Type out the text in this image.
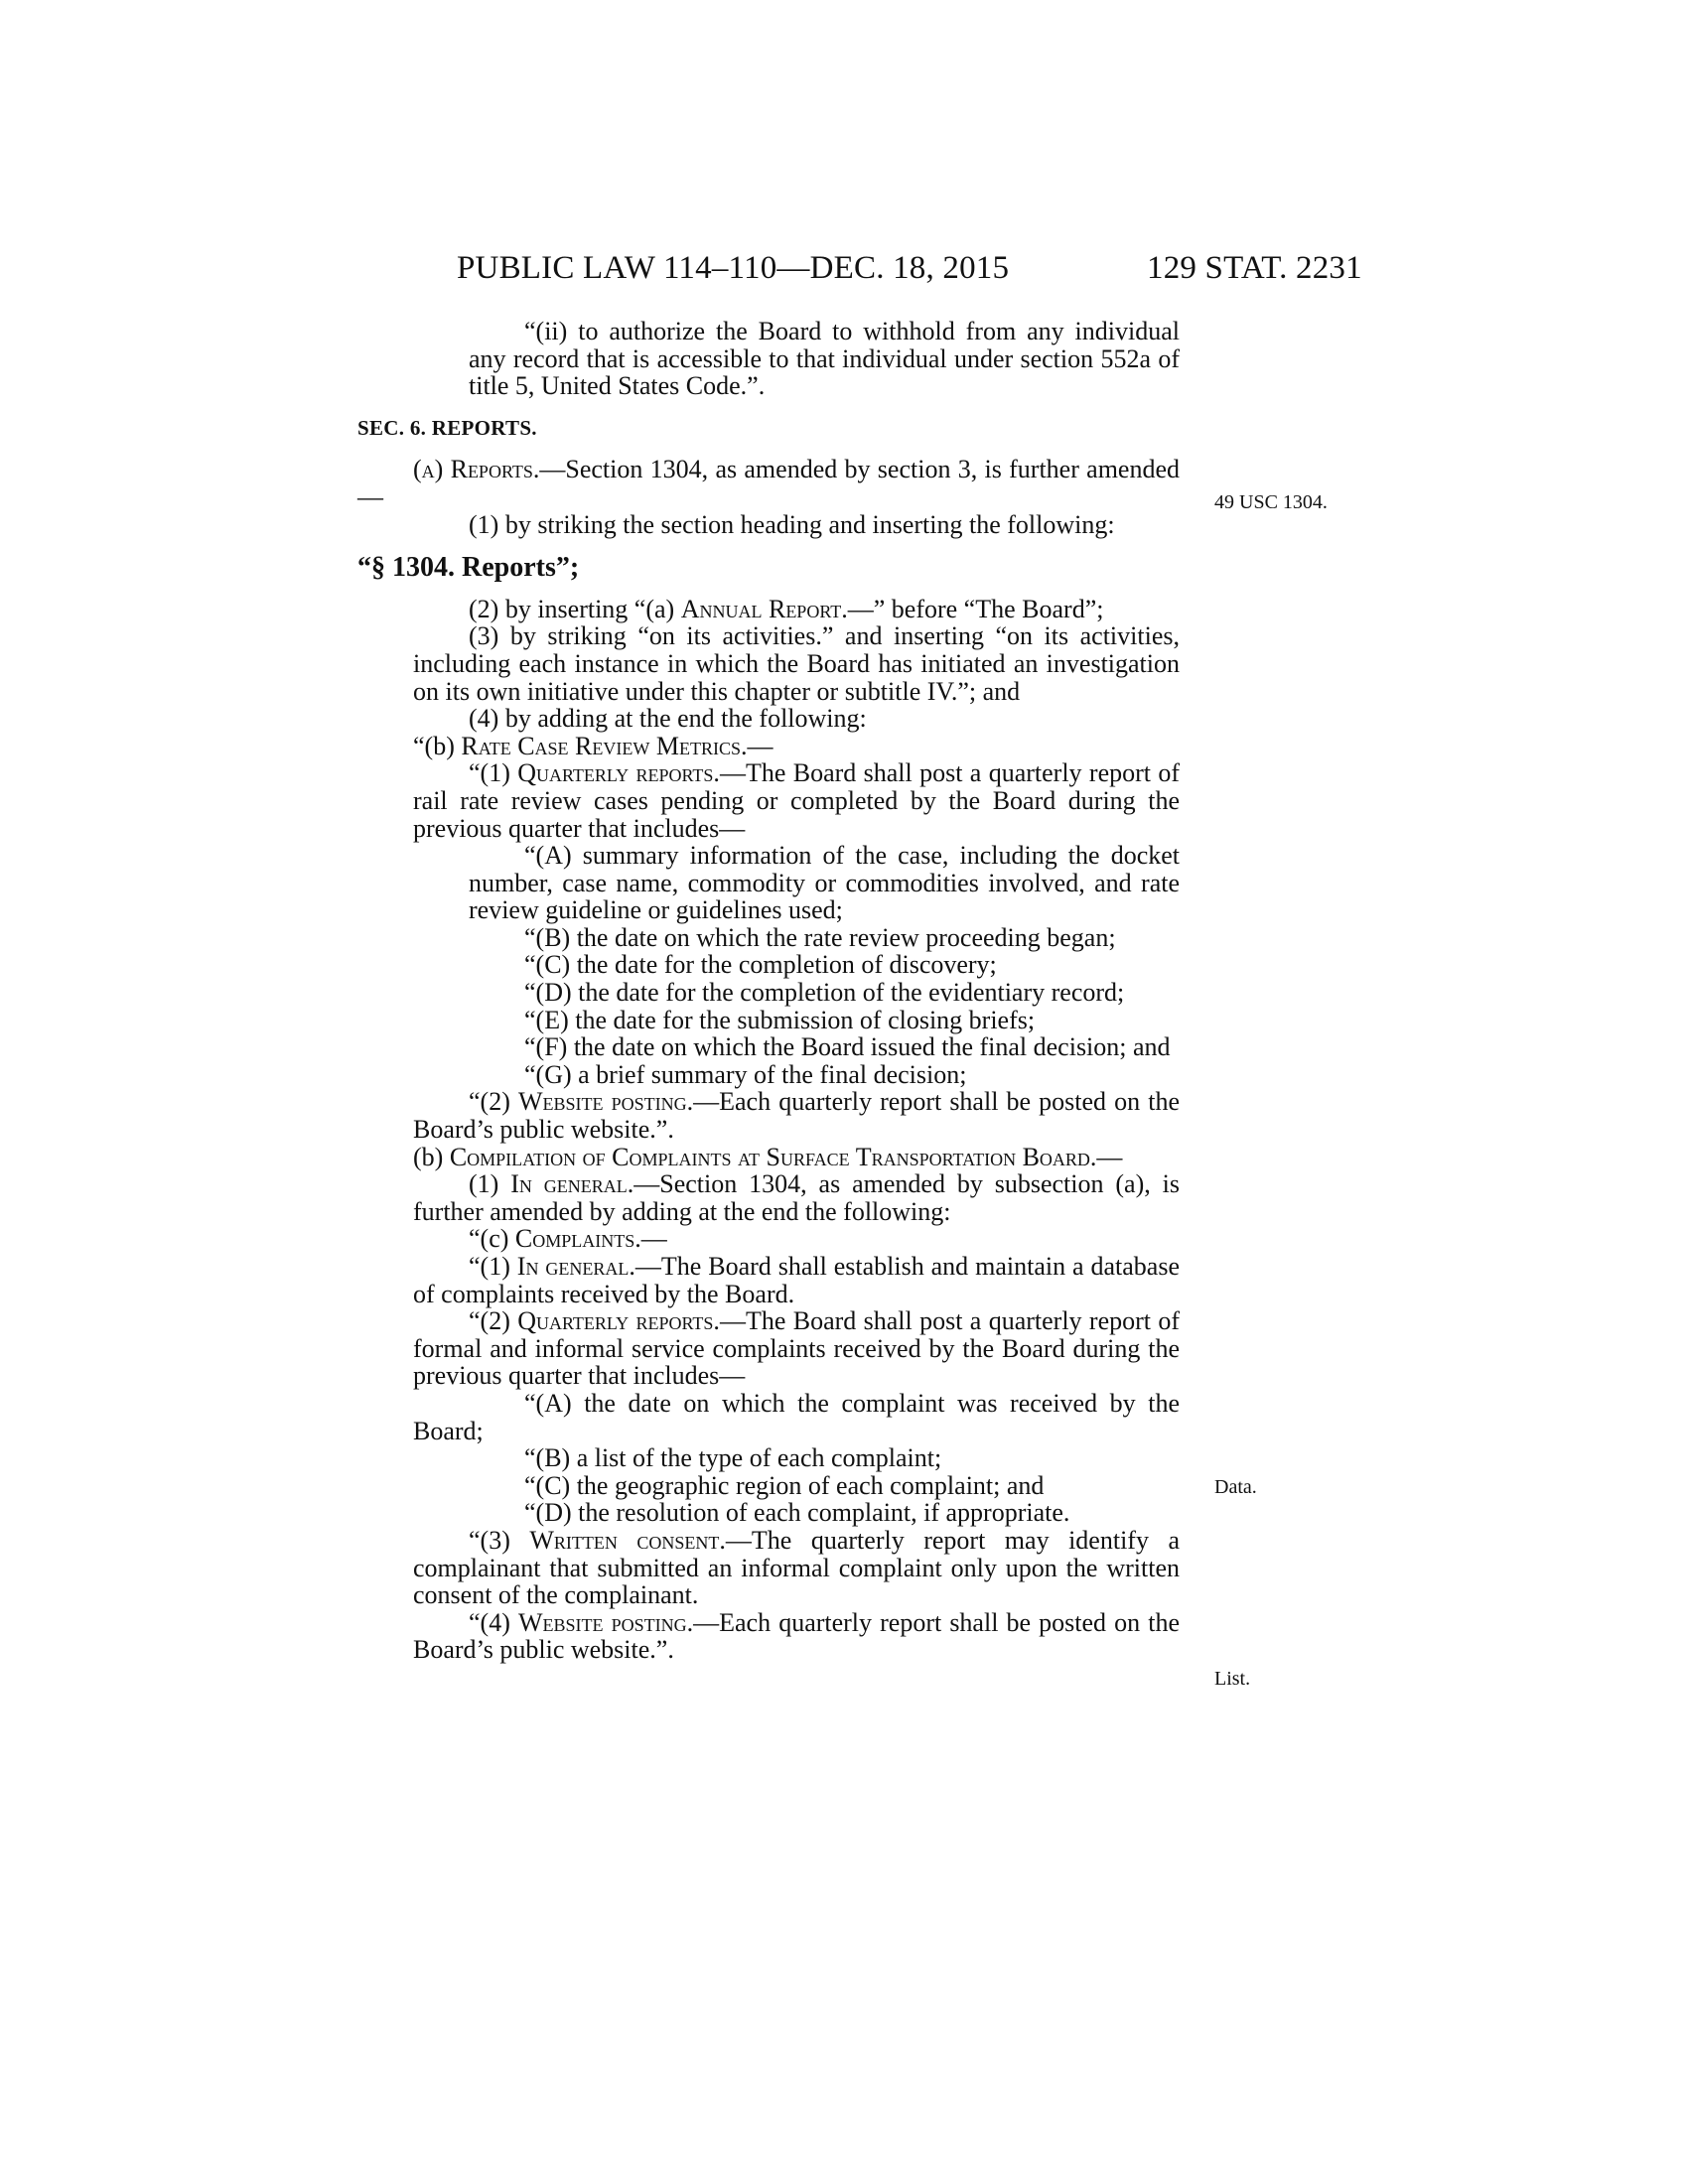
PUBLIC LAW 114–110—DEC. 18, 2015	129 STAT. 2231
49 USC 1304.
Data.
List.

“(ii) to authorize the Board to withhold from any individual any record that is accessible to that individual under section 552a of title 5, United States Code.”.

SEC. 6. REPORTS.

(a) Reports.—Section 1304, as amended by section 3, is further amended—

(1) by striking the section heading and inserting the following:

“§ 1304. Reports”;

(2) by inserting “(a) Annual Report.—” before “The Board”;

(3) by striking “on its activities.” and inserting “on its activities, including each instance in which the Board has initiated an investigation on its own initiative under this chapter or subtitle IV.”; and

(4) by adding at the end the following:

“(b) Rate Case Review Metrics.—

“(1) Quarterly reports.—The Board shall post a quarterly report of rail rate review cases pending or completed by the Board during the previous quarter that includes—

“(A) summary information of the case, including the docket number, case name, commodity or commodities involved, and rate review guideline or guidelines used;

“(B) the date on which the rate review proceeding began;

“(C) the date for the completion of discovery;

“(D) the date for the completion of the evidentiary record;

“(E) the date for the submission of closing briefs;

“(F) the date on which the Board issued the final decision; and

“(G) a brief summary of the final decision;

“(2) Website posting.—Each quarterly report shall be posted on the Board’s public website.”.

(b) Compilation of Complaints at Surface Transportation Board.—

(1) In general.—Section 1304, as amended by subsection (a), is further amended by adding at the end the following:

“(c) Complaints.—

“(1) In general.—The Board shall establish and maintain a database of complaints received by the Board.

“(2) Quarterly reports.—The Board shall post a quarterly report of formal and informal service complaints received by the Board during the previous quarter that includes—

“(A) the date on which the complaint was received by the Board;

“(B) a list of the type of each complaint;

“(C) the geographic region of each complaint; and

“(D) the resolution of each complaint, if appropriate.

“(3) Written consent.—The quarterly report may identify a complainant that submitted an informal complaint only upon the written consent of the complainant.

“(4) Website posting.—Each quarterly report shall be posted on the Board’s public website.”.
